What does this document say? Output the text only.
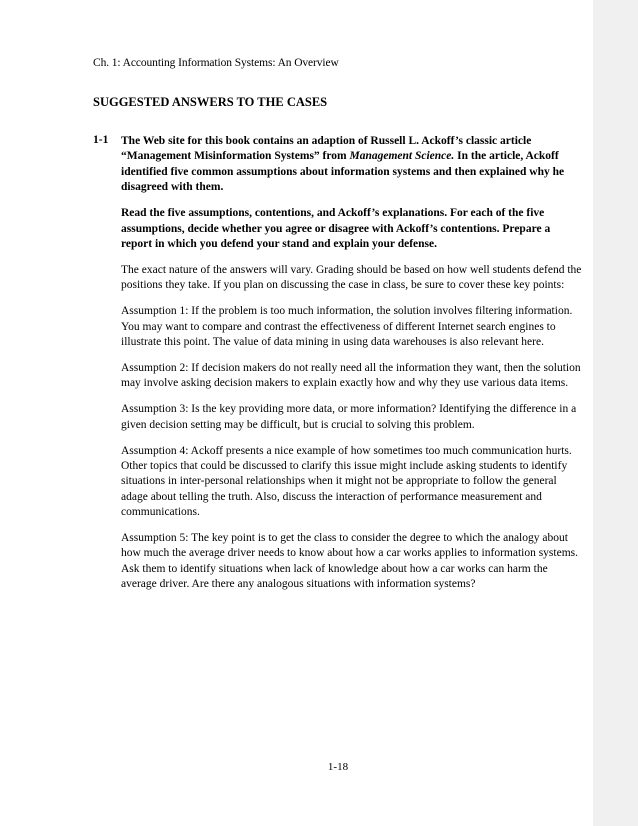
Ch. 1: Accounting Information Systems: An Overview
SUGGESTED ANSWERS TO THE CASES
1-1 The Web site for this book contains an adaption of Russell L. Ackoff’s classic article “Management Misinformation Systems” from Management Science. In the article, Ackoff identified five common assumptions about information systems and then explained why he disagreed with them.

Read the five assumptions, contentions, and Ackoff’s explanations. For each of the five assumptions, decide whether you agree or disagree with Ackoff’s contentions. Prepare a report in which you defend your stand and explain your defense.

The exact nature of the answers will vary. Grading should be based on how well students defend the positions they take. If you plan on discussing the case in class, be sure to cover these key points:

Assumption 1: If the problem is too much information, the solution involves filtering information. You may want to compare and contrast the effectiveness of different Internet search engines to illustrate this point. The value of data mining in using data warehouses is also relevant here.

Assumption 2: If decision makers do not really need all the information they want, then the solution may involve asking decision makers to explain exactly how and why they use various data items.

Assumption 3: Is the key providing more data, or more information? Identifying the difference in a given decision setting may be difficult, but is crucial to solving this problem.

Assumption 4: Ackoff presents a nice example of how sometimes too much communication hurts. Other topics that could be discussed to clarify this issue might include asking students to identify situations in inter-personal relationships when it might not be appropriate to follow the general adage about telling the truth. Also, discuss the interaction of performance measurement and communications.

Assumption 5: The key point is to get the class to consider the degree to which the analogy about how much the average driver needs to know about how a car works applies to information systems. Ask them to identify situations when lack of knowledge about how a car works can harm the average driver. Are there any analogous situations with information systems?

1-18
